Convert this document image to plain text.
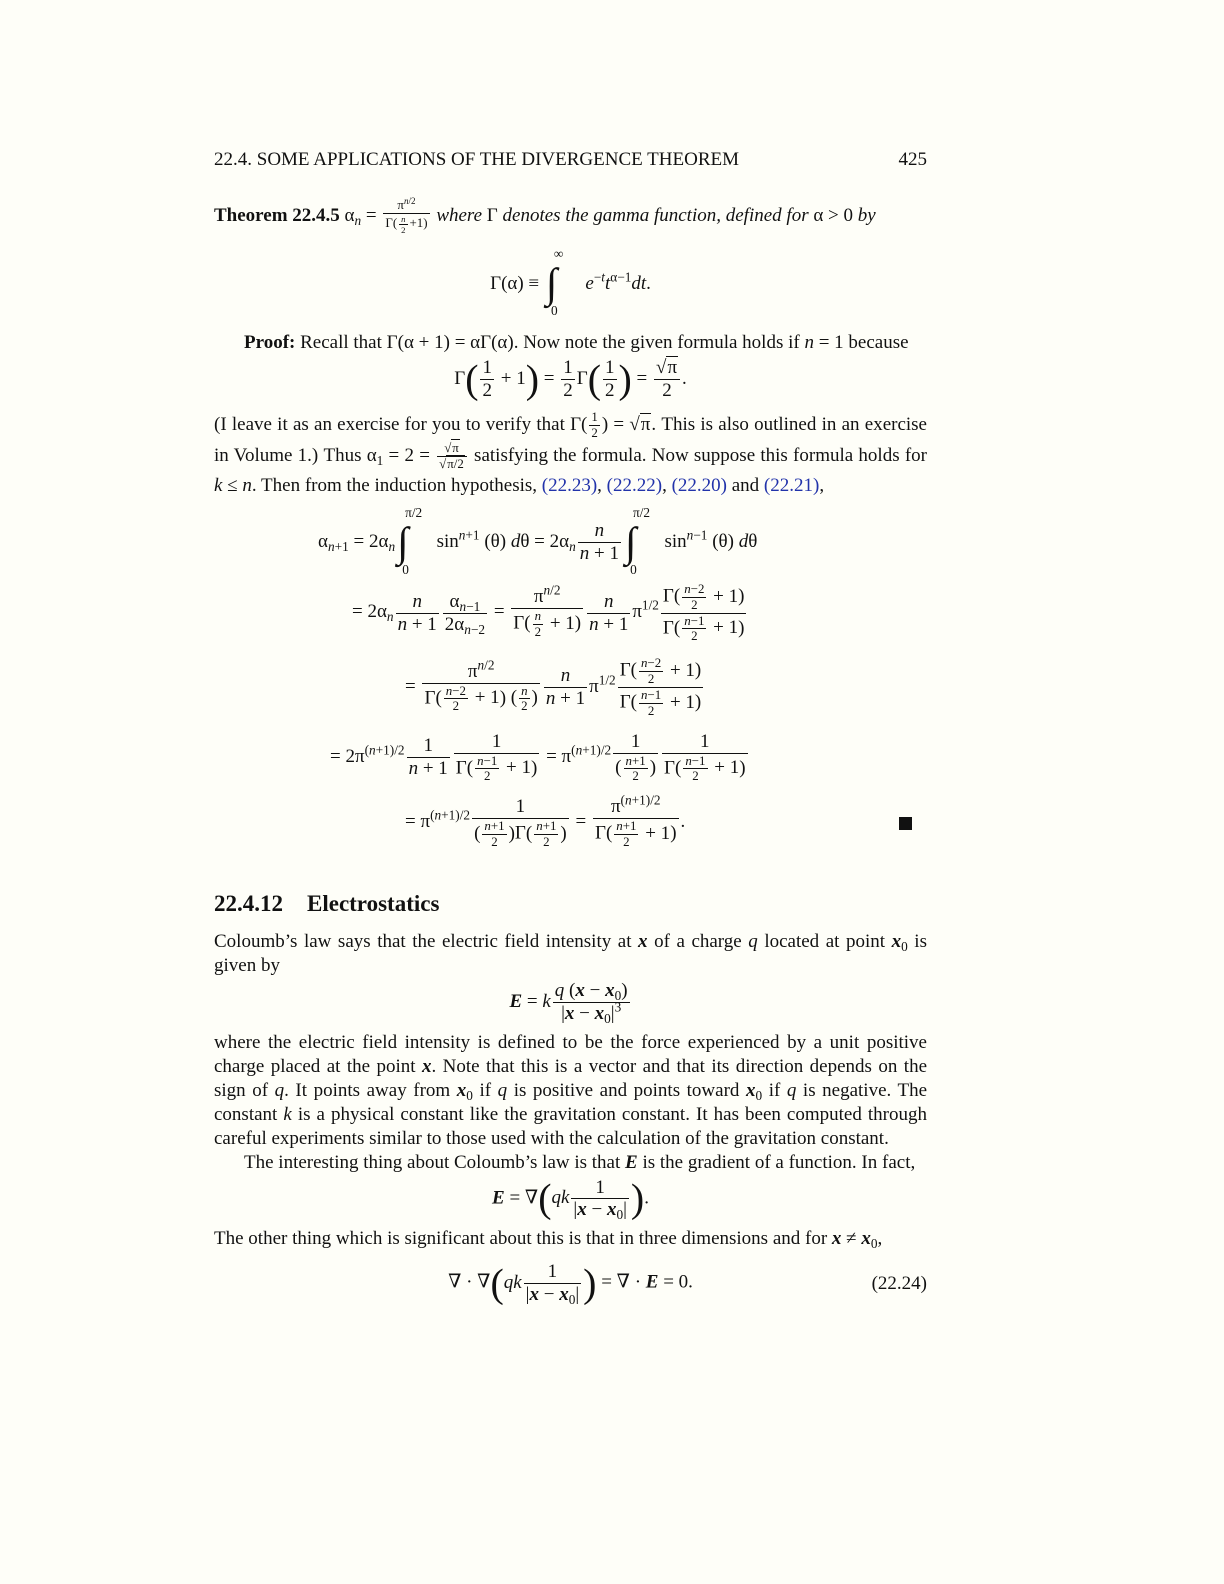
22.4. SOME APPLICATIONS OF THE DIVERGENCE THEOREM	425
Theorem 22.4.5 $\alpha_n = \frac{\pi^{n/2}}{\Gamma( \frac{n}{2} +1)}$ where Γ denotes the gamma function, defined for α > 0 by
Γ(α) ≡ ∫
∞
0
$e^{-t}t^{\alpha-1}dt$.
Proof: Recall that Γ(α + 1) = αΓ(α). Now note the given formula holds if n = 1 because
$\Gamma( \frac{1}{2} + 1) = \frac{1}{2} \Gamma( \frac{1}{2}$ ) = $\frac{√\pi}{2}$ .
(I leave it as an exercise for you to verify that $\Gamma( \frac{1}{2}$ ) = √π. This is also outlined in an exercise in Volume 1.) Thus $\alpha_1 = 2 = \frac{√\pi}{√\pi/2}$ satisfying the formula. Now suppose this formula holds for k ≤ n. Then from the induction hypothesis, (22.23), (22.22), (22.20) and (22.21),
$\alpha_{n+1} = 2\alpha_n\int$
π/2
0
$\sin^{n+1} (\theta) d\theta = 2\alpha_n \frac{n}{n + 1}$ ∫
π/2
0
$\sin^{n-1} (\theta)$ dθ
= $2\alpha_n \frac{n}{n + 1} \frac{\alpha_{n-1}}{2\alpha_{n-2}} = \frac{\pi^{n/2}}{\Gamma( \frac{n}{2} + 1)} \frac{n}{n + 1} \pi^{1/2} \frac{\Gamma( \frac{n-2}{2} + 1)}{\Gamma( \frac{n-1}{2} + 1)}$
= $\frac{\pi^{n/2}}{\Gamma( \frac{n-2}{2} + 1) ( \frac{n}{2} )} \frac{n}{n + 1} \pi^{1/2} \frac{\Gamma( \frac{n-2}{2} + 1)}{\Gamma( \frac{n-1}{2} + 1)}$
= $2\pi^{(n+1)/2} \frac{1}{n + 1} \frac{1}{\Gamma( \frac{n-1}{2} + 1)} = \pi^{(n+1)/2} \frac{1}{( \frac{n+1}{2} )} \frac{1}{\Gamma( \frac{n-1}{2} + 1)}$
= $\pi^{(n+1)/2} \frac{1}{( \frac{n+1}{2} )\Gamma( \frac{n+1}{2} )} = \frac{\pi^{(n+1)/2}}{\Gamma( \frac{n+1}{2} + 1)}$ .
22.4.12 Electrostatics
Coloumb’s law says that the electric field intensity at x of a charge q located at point $x_0$ is given by
E = k $\frac{q (x - x_0)}{|x - x_0|^3}$
where the electric field intensity is defined to be the force experienced by a unit positive charge placed at the point x. Note that this is a vector and that its direction depends on the sign of q. It points away from $x_0$ if q is positive and points toward $x_0$ if q is negative. The constant k is a physical constant like the gravitation constant. It has been computed through careful experiments similar to those used with the calculation of the gravitation constant.
The interesting thing about Coloumb’s law is that E is the gradient of a function. In fact,
$E = \nabla(qk \frac{1}{|x - x_0|}$ ).
The other thing which is significant about this is that in three dimensions and for $x \ne x_0$,
∇ · $\nabla(qk \frac{1}{|x - x_0|}$ ) = ∇ · E = 0.	(22.24)
